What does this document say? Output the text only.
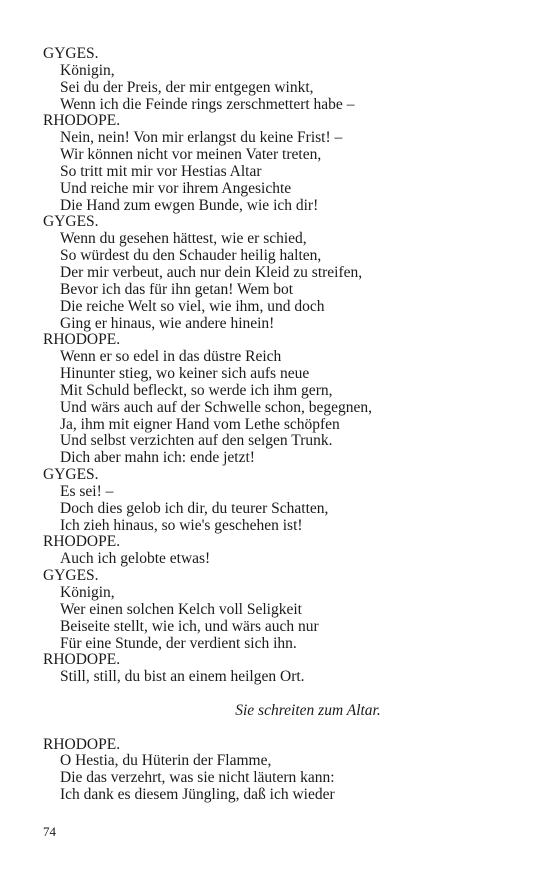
GYGES.
Königin,
Sei du der Preis, der mir entgegen winkt,
Wenn ich die Feinde rings zerschmettert habe –
RHODOPE.
Nein, nein! Von mir erlangst du keine Frist! –
Wir können nicht vor meinen Vater treten,
So tritt mit mir vor Hestias Altar
Und reiche mir vor ihrem Angesichte
Die Hand zum ewgen Bunde, wie ich dir!
GYGES.
Wenn du gesehen hättest, wie er schied,
So würdest du den Schauder heilig halten,
Der mir verbeut, auch nur dein Kleid zu streifen,
Bevor ich das für ihn getan! Wem bot
Die reiche Welt so viel, wie ihm, und doch
Ging er hinaus, wie andere hinein!
RHODOPE.
Wenn er so edel in das düstre Reich
Hinunter stieg, wo keiner sich aufs neue
Mit Schuld befleckt, so werde ich ihm gern,
Und wärs auch auf der Schwelle schon, begegnen,
Ja, ihm mit eigner Hand vom Lethe schöpfen
Und selbst verzichten auf den selgen Trunk.
Dich aber mahn ich: ende jetzt!
GYGES.
Es sei! –
Doch dies gelob ich dir, du teurer Schatten,
Ich zieh hinaus, so wie's geschehen ist!
RHODOPE.
Auch ich gelobte etwas!
GYGES.
Königin,
Wer einen solchen Kelch voll Seligkeit
Beiseite stellt, wie ich, und wärs auch nur
Für eine Stunde, der verdient sich ihn.
RHODOPE.
Still, still, du bist an einem heilgen Ort.
Sie schreiten zum Altar.
RHODOPE.
O Hestia, du Hüterin der Flamme,
Die das verzehrt, was sie nicht läutern kann:
Ich dank es diesem Jüngling, daß ich wieder
74
